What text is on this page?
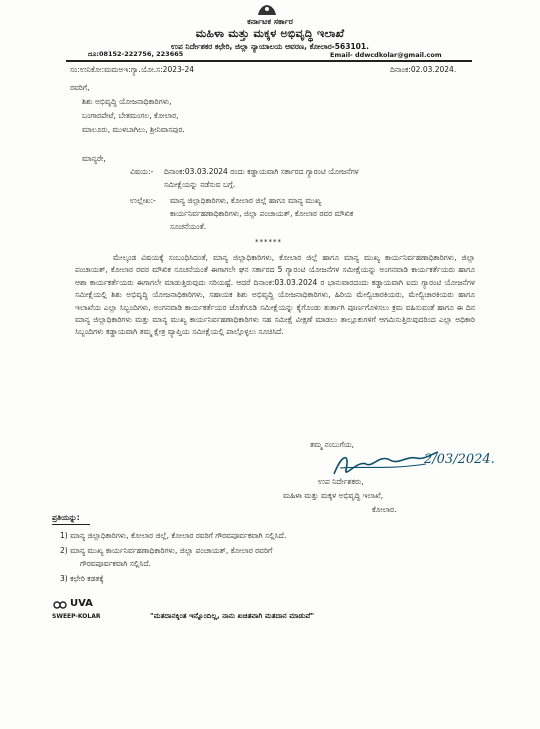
ಕರ್ನಾಟಕ ಸರ್ಕಾರ
ಮಹಿಳಾ ಮತ್ತು ಮಕ್ಕಳ ಅಭಿವೃದ್ಧಿ ಇಲಾಖೆ
ಉಪ ನಿರ್ದೇಶಕರ ಕಛೇರಿ, ಜಿಲ್ಲಾ ನ್ಯಾಯಾಲಯ ಆವರಣ, ಕೋಲಾರ-563101.
ದೂ:08152-222756, 223665	Email- ddwcdkolar@gmail.com
ಸಂ:ಉನಿಕೋ:ಮಮಅಇ:ಗ್ಯಾ.ಯೋ.ಸ:2023-24	ದಿನಾಂಕ:02.03.2024.
ರವರಿಗೆ,
ಶಿಶು ಅಭಿವೃದ್ಧಿ ಯೋಜನಾಧಿಕಾರಿಗಳು,
ಬಂಗಾರಪೇಟೆ, ಬೇತಮಂಗಲ, ಕೋಲಾರ,
ಮಾಲೂರು, ಮುಳಬಾಗಿಲು, ಶ್ರೀನಿವಾಸಪುರ.
ಮಾನ್ಯರೇ,
ವಿಷಯ:- ದಿನಾಂಕ:03.03.2024 ರಂದು ಕಡ್ಡಾಯವಾಗಿ ಸರ್ಕಾರದ ಗ್ಯಾರಂಟಿ ಯೋಜನೆಗಳ
ಸಮೀಕ್ಷೆಯನ್ನು ನಡೆಸುವ ಬಗ್ಗೆ.
ಉಲ್ಲೇಖ:- ಮಾನ್ಯ ಜಿಲ್ಲಾಧಿಕಾರಿಗಳು, ಕೋಲಾರ ಜಿಲ್ಲೆ ಹಾಗೂ ಮಾನ್ಯ ಮುಖ್ಯ
ಕಾರ್ಯನಿರ್ವಹಣಾಧಿಕಾರಿಗಳು, ಜಿಲ್ಲಾ ಪಂಚಾಯತ್, ಕೋಲಾರ ರವರ ಮೌಖಿಕ
ಸೂಚನೆಯಂತೆ.
******
ಮೇಲ್ಕಂಡ ವಿಷಯಕ್ಕೆ ಸಂಬಂಧಿಸಿದಂತೆ, ಮಾನ್ಯ ಜಿಲ್ಲಾಧಿಕಾರಿಗಳು, ಕೋಲಾರ ಜಿಲ್ಲೆ ಹಾಗೂ ಮಾನ್ಯ ಮುಖ್ಯ ಕಾರ್ಯನಿರ್ವಹಣಾಧಿಕಾರಿಗಳು, ಜಿಲ್ಲಾ ಪಂಚಾಯತ್, ಕೋಲಾರ ರವರ ಮೌಖಿಕ ಸೂಚನೆಯಂತೆ ಈಗಾಗಲೇ ಘನ ಸರ್ಕಾರದ 5 ಗ್ಯಾರಂಟಿ ಯೋಜನೆಗಳ ಸಮೀಕ್ಷೆಯನ್ನು ಅಂಗನವಾಡಿ ಕಾರ್ಯಕರ್ತೆಯರು ಹಾಗೂ ಆಶಾ ಕಾರ್ಯಕರ್ತೆಯರು ಈಗಾಗಲೇ ಮಾಡುತ್ತಿರುವುದು ಸರಿಯಷ್ಟೆ. ಆದರೆ ದಿನಾಂಕ:03.03.2024 ರ ಭಾನುವಾರದಂದು ಕಡ್ಡಾಯವಾಗಿ ಐದು ಗ್ಯಾರಂಟಿ ಯೋಜನೆಗಳ ಸಮೀಕ್ಷೆಯಲ್ಲಿ ಶಿಶು ಅಭಿವೃದ್ಧಿ ಯೋಜನಾಧಿಕಾರಿಗಳು, ಸಹಾಯಕ ಶಿಶು ಅಭಿವೃದ್ಧಿ ಯೋಜನಾಧಿಕಾರಿಗಳು, ಹಿರಿಯ ಮೇಲ್ವಿಚಾರಕಿಯರು, ಮೇಲ್ವಿಚಾರಕಿಯರು ಹಾಗೂ ಇಲಾಖೆಯ ಎಲ್ಲಾ ಸಿಬ್ಬಂದಿಗಳು, ಅಂಗನವಾಡಿ ಕಾರ್ಯಕರ್ತೆಯರ ಜೊತೆಗೂಡಿ ಸಮೀಕ್ಷೆಯನ್ನು ಕೈಗೊಂಡು ತುರ್ತಾಗಿ ಪೂರ್ಣಗೊಳಿಸಲು ಕ್ರಮ ವಹಿಸುವಂತೆ ಹಾಗೂ ಈ ದಿನ ಮಾನ್ಯ ಜಿಲ್ಲಾಧಿಕಾರಿಗಳು ಮತ್ತು ಮಾನ್ಯ ಮುಖ್ಯ ಕಾರ್ಯನಿರ್ವಹಣಾಧಿಕಾರಿಗಳು ಸಹ ಸಮೀಕ್ಷೆ ವೀಕ್ಷಣೆ ಮಾಡಲು ತಾಲ್ಲೂಕುಗಳಿಗೆ ಆಗಮಿಸುತ್ತಿರುವುದರಿಂದ ಎಲ್ಲಾ ಅಧಿಕಾರಿ ಸಿಬ್ಬಂದಿಗಳು ಕಡ್ಡಾಯವಾಗಿ ತಮ್ಮ ಕ್ಷೇತ್ರ ವ್ಯಾಪ್ತಿಯ ಸಮೀಕ್ಷೆಯಲ್ಲಿ ಪಾಲ್ಗೊಳ್ಳಲು ಸೂಚಿಸಿದೆ.
ತಮ್ಮ ನಂಬುಗೆಯ,
2/03/2024.
ಉಪ ನಿರ್ದೇಶಕರು,
ಮಹಿಳಾ ಮತ್ತು ಮಕ್ಕಳ ಅಭಿವೃದ್ಧಿ ಇಲಾಖೆ,
ಕೋಲಾರ.
ಪ್ರತಿಯನ್ನು:
1) ಮಾನ್ಯ ಜಿಲ್ಲಾಧಿಕಾರಿಗಳು, ಕೋಲಾರ ಜಿಲ್ಲೆ, ಕೋಲಾರ ರವರಿಗೆ ಗೌರವಪೂರ್ವಕವಾಗಿ ಸಲ್ಲಿಸಿದೆ.
2) ಮಾನ್ಯ ಮುಖ್ಯ ಕಾರ್ಯನಿರ್ವಹಣಾಧಿಕಾರಿಗಳು, ಜಿಲ್ಲಾ ಪಂಚಾಯತ್, ಕೋಲಾರ ರವರಿಗೆ
ಗೌರವಪೂರ್ವಕವಾಗಿ ಸಲ್ಲಿಸಿದೆ.
3) ಕಛೇರಿ ಕಡತಕ್ಕೆ
UVA
SWEEP-KOLAR	"ಮತದಾನಕ್ಕಿಂತ ಇನ್ನೊಂದಿಲ್ಲ, ನಾನು ಖಚಿತವಾಗಿ ಮತದಾನ ಮಾಡುವೆ"
